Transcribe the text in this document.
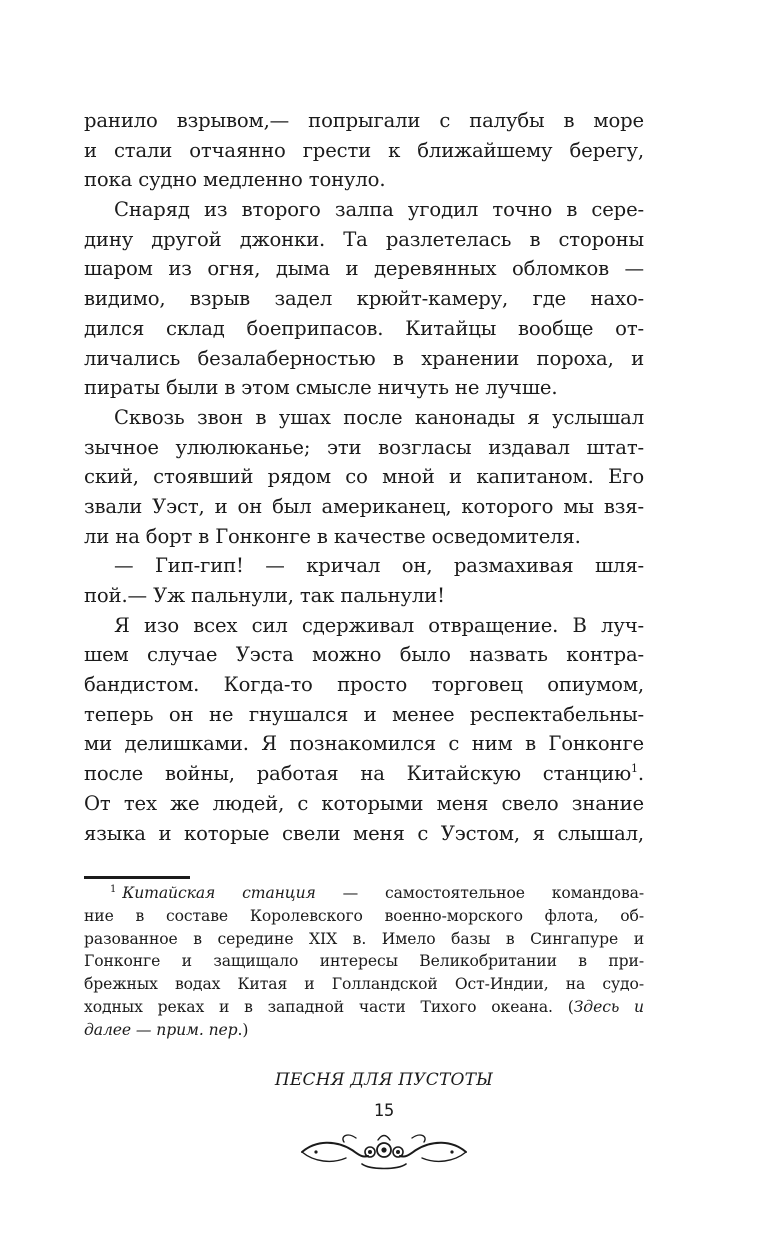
ранило взрывом,— попрыгали с палубы в море
и стали отчаянно грести к ближайшему берегу,
пока судно медленно тонуло.
Снаряд из второго залпа угодил точно в сере-
дину другой джонки. Та разлетелась в стороны
шаром из огня, дыма и деревянных обломков —
видимо, взрыв задел крюйт-камеру, где нахо-
дился склад боеприпасов. Китайцы вообще от-
личались безалаберностью в хранении пороха, и
пираты были в этом смысле ничуть не лучше.
Сквозь звон в ушах после канонады я услышал
зычное улюлюканье; эти возгласы издавал штат-
ский, стоявший рядом со мной и капитаном. Его
звали Уэст, и он был американец, которого мы взя-
ли на борт в Гонконге в качестве осведомителя.
— Гип-гип! — кричал он, размахивая шля-
пой.— Уж пальнули, так пальнули!
Я изо всех сил сдерживал отвращение. В луч-
шем случае Уэста можно было назвать контра-
бандистом. Когда-то просто торговец опиумом,
теперь он не гнушался и менее респектабельны-
ми делишками. Я познакомился с ним в Гонконге
после войны, работая на Китайскую станцию$^1$.
От тех же людей, с которыми меня свело знание
языка и которые свели меня с Уэстом, я слышал,
$^1$ Китайская станция — самостоятельное командова-
ние в составе Королевского военно-морского флота, об-
разованное в середине XIX в. Имело базы в Сингапуре и
Гонконге и защищало интересы Великобритании в при-
брежных водах Китая и Голландской Ост-Индии, на судо-
ходных реках и в западной части Тихого океана. (Здесь и
далее — прим. пер.)
ПЕСНЯ ДЛЯ ПУСТОТЫ
15
